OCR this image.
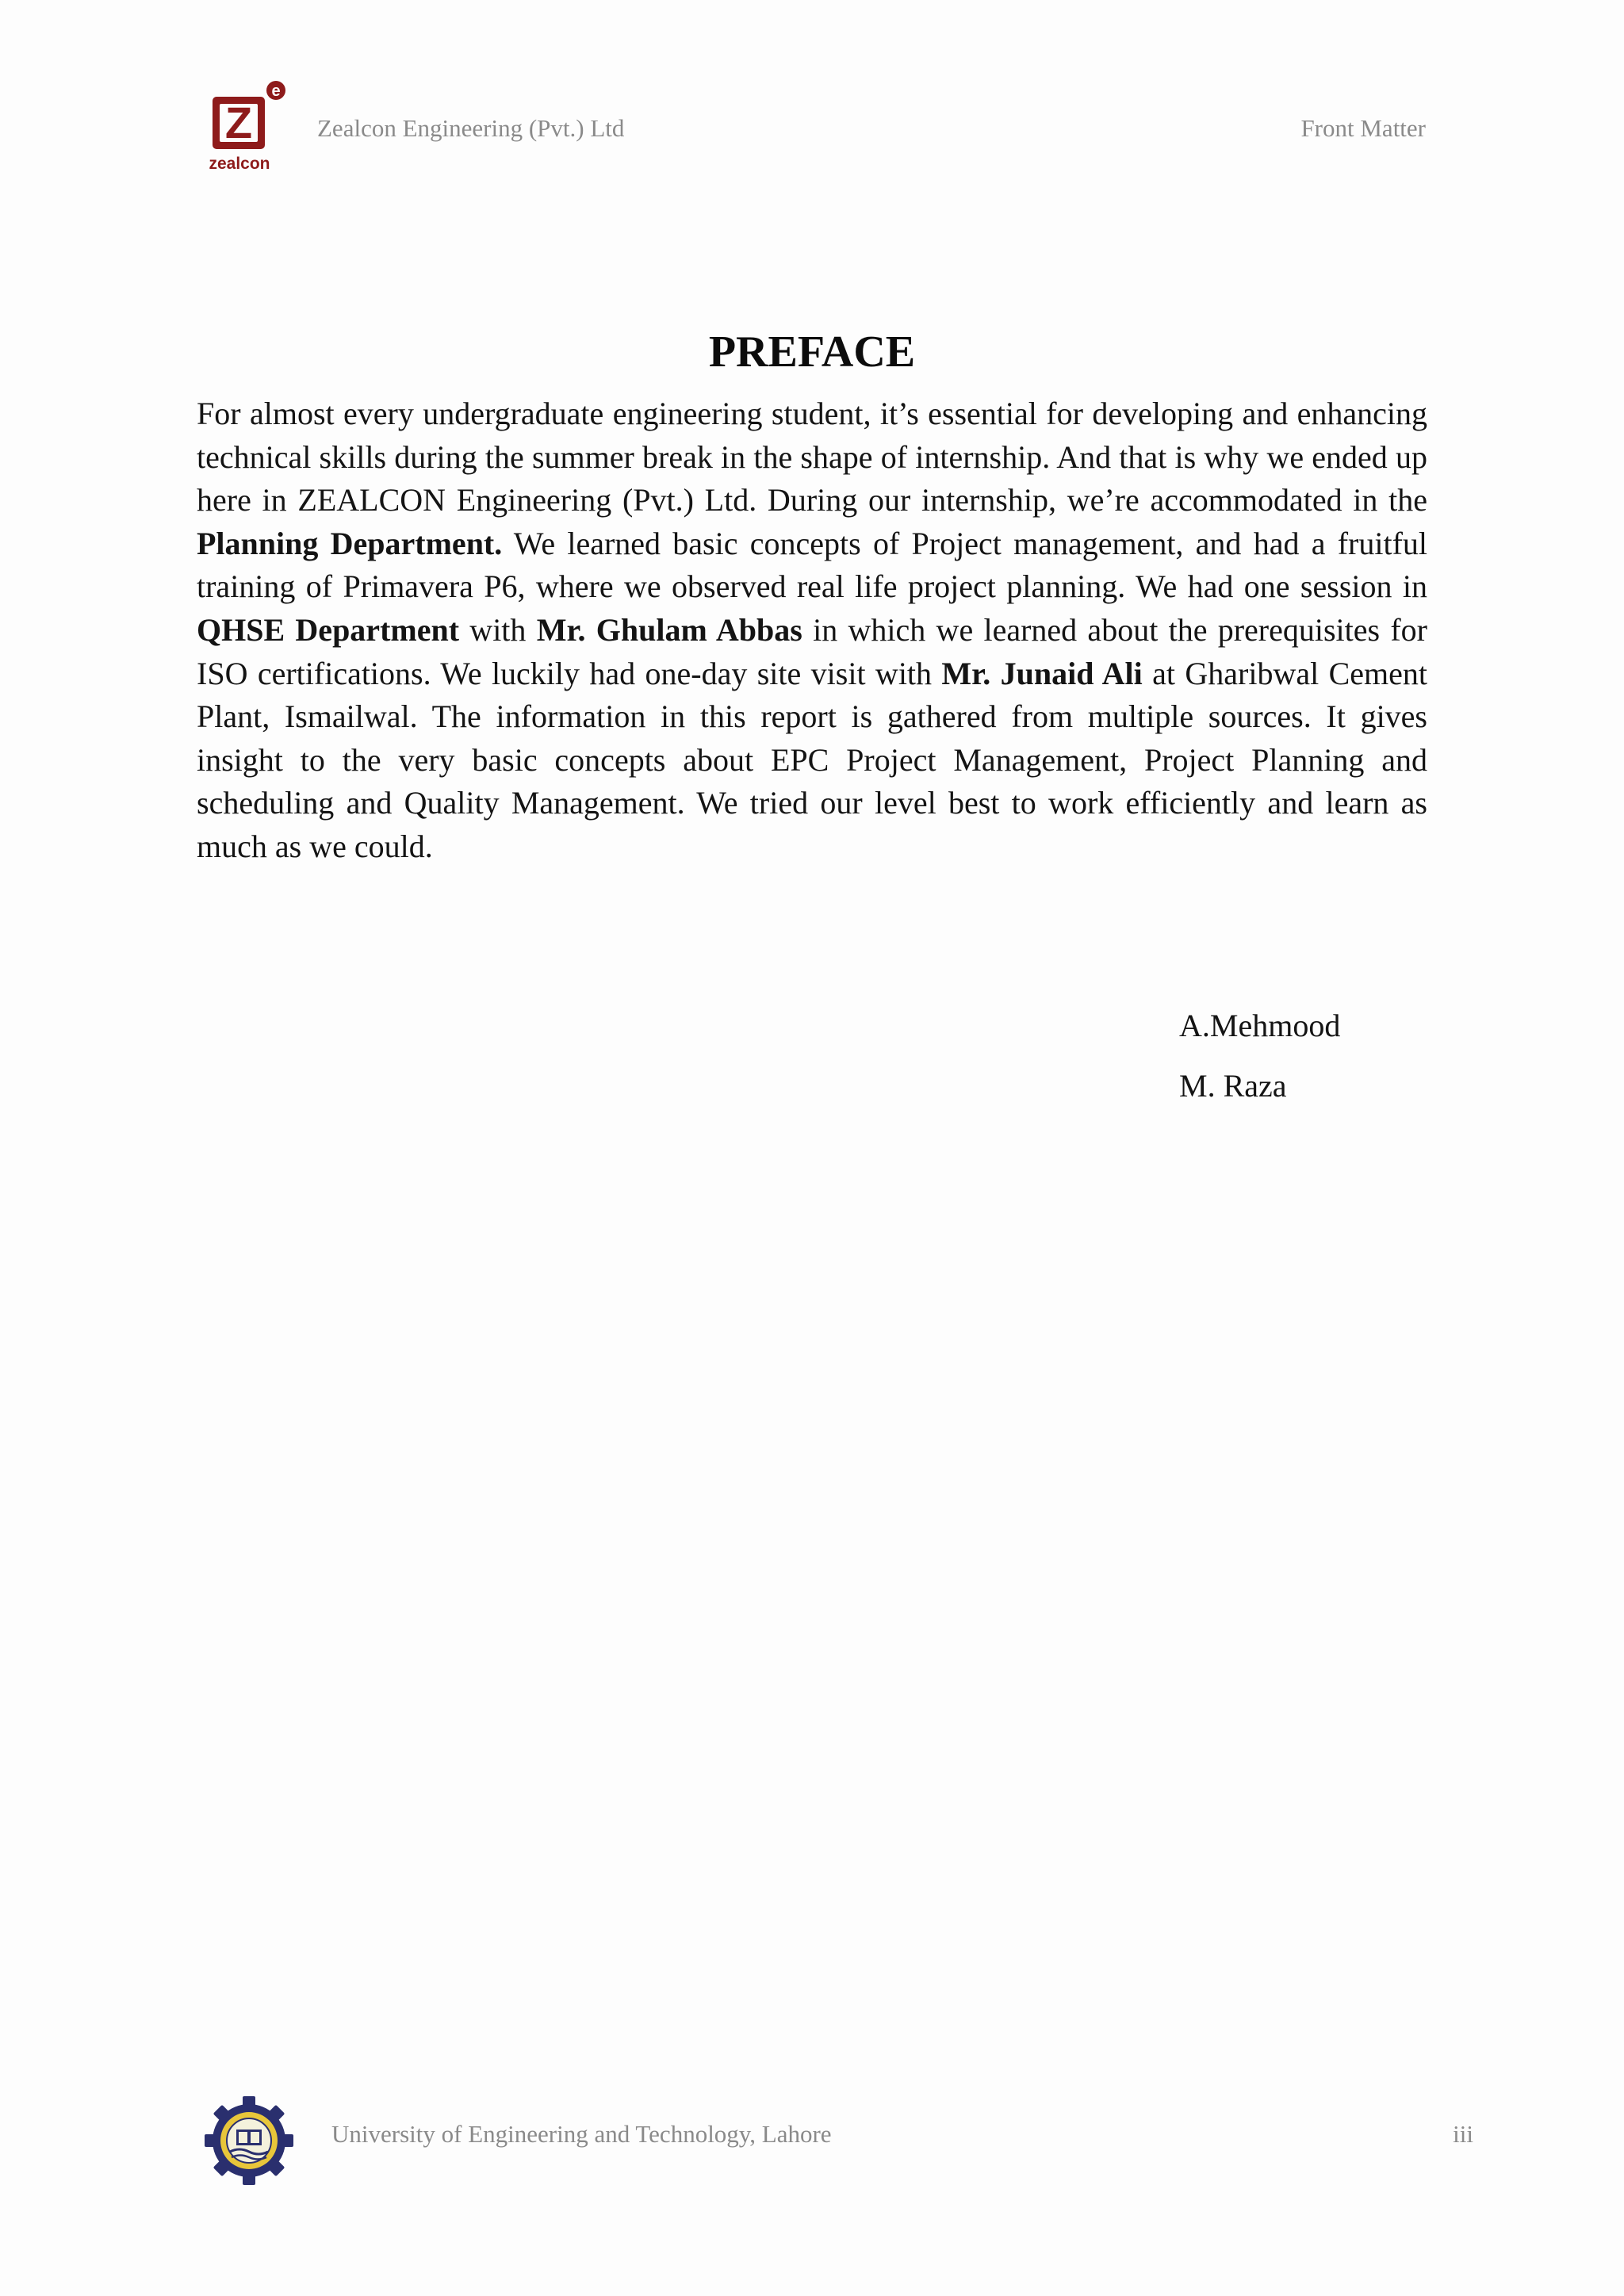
Z
e
zealcon
Zealcon Engineering (Pvt.) Ltd	Front Matter
PREFACE

For almost every undergraduate engineering student, it’s essential for developing and enhancing technical skills during the summer break in the shape of internship. And that is why we ended up here in ZEALCON Engineering (Pvt.) Ltd. During our internship, we’re accommodated in the Planning Department. We learned basic concepts of Project management, and had a fruitful training of Primavera P6, where we observed real life project planning. We had one session in QHSE Department with Mr. Ghulam Abbas in which we learned about the prerequisites for ISO certifications. We luckily had one-day site visit with Mr. Junaid Ali at Gharibwal Cement Plant, Ismailwal. The information in this report is gathered from multiple sources. It gives insight to the very basic concepts about EPC Project Management, Project Planning and scheduling and Quality Management. We tried our level best to work efficiently and learn as much as we could.

A.Mehmood
M. Raza
University of Engineering and Technology, Lahore	iii
